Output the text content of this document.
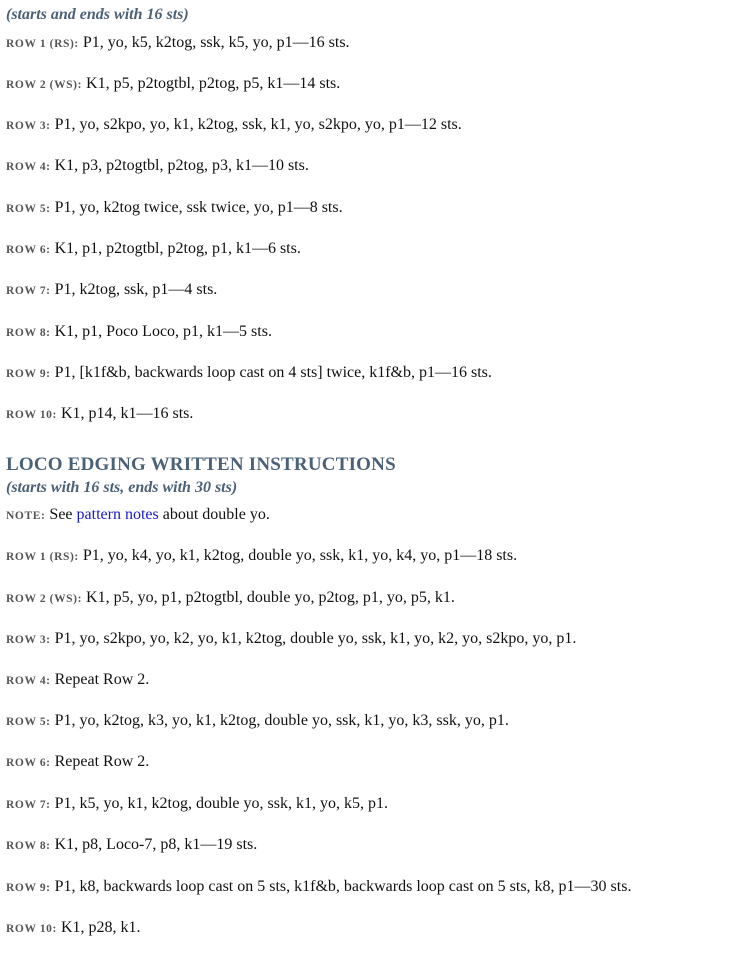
(starts and ends with 16 sts)
ROW 1 (RS): P1, yo, k5, k2tog, ssk, k5, yo, p1—16 sts.
ROW 2 (WS): K1, p5, p2togtbl, p2tog, p5, k1—14 sts.
ROW 3: P1, yo, s2kpo, yo, k1, k2tog, ssk, k1, yo, s2kpo, yo, p1—12 sts.
ROW 4: K1, p3, p2togtbl, p2tog, p3, k1—10 sts.
ROW 5: P1, yo, k2tog twice, ssk twice, yo, p1—8 sts.
ROW 6: K1, p1, p2togtbl, p2tog, p1, k1—6 sts.
ROW 7: P1, k2tog, ssk, p1—4 sts.
ROW 8: K1, p1, Poco Loco, p1, k1—5 sts.
ROW 9: P1, [k1f&b, backwards loop cast on 4 sts] twice, k1f&b, p1—16 sts.
ROW 10: K1, p14, k1—16 sts.
LOCO EDGING WRITTEN INSTRUCTIONS
(starts with 16 sts, ends with 30 sts)
NOTE: See pattern notes about double yo.
ROW 1 (RS): P1, yo, k4, yo, k1, k2tog, double yo, ssk, k1, yo, k4, yo, p1—18 sts.
ROW 2 (WS): K1, p5, yo, p1, p2togtbl, double yo, p2tog, p1, yo, p5, k1.
ROW 3: P1, yo, s2kpo, yo, k2, yo, k1, k2tog, double yo, ssk, k1, yo, k2, yo, s2kpo, yo, p1.
ROW 4: Repeat Row 2.
ROW 5: P1, yo, k2tog, k3, yo, k1, k2tog, double yo, ssk, k1, yo, k3, ssk, yo, p1.
ROW 6: Repeat Row 2.
ROW 7: P1, k5, yo, k1, k2tog, double yo, ssk, k1, yo, k5, p1.
ROW 8: K1, p8, Loco-7, p8, k1—19 sts.
ROW 9: P1, k8, backwards loop cast on 5 sts, k1f&b, backwards loop cast on 5 sts, k8, p1—30 sts.
ROW 10: K1, p28, k1.
